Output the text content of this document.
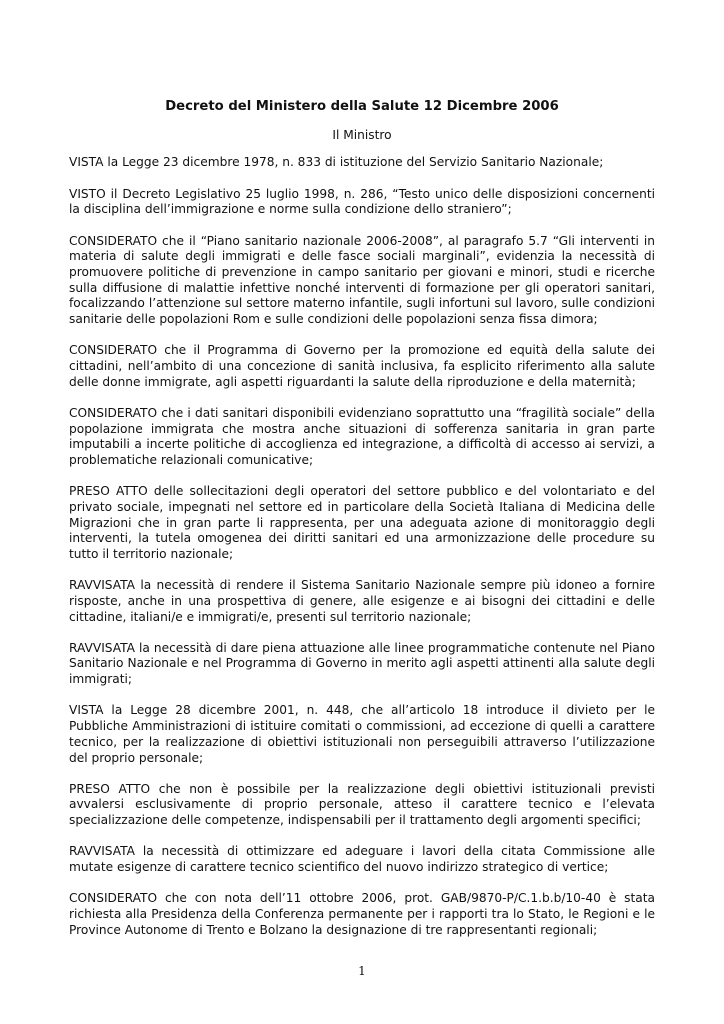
Decreto del Ministero della Salute 12 Dicembre 2006
Il Ministro
VISTA la Legge 23 dicembre 1978, n. 833 di istituzione del Servizio Sanitario Nazionale;
VISTO il Decreto Legislativo 25 luglio 1998, n. 286, “Testo unico delle disposizioni concernenti la disciplina dell’immigrazione e norme sulla condizione dello straniero”;
CONSIDERATO che il “Piano sanitario nazionale 2006-2008”, al paragrafo 5.7 “Gli interventi in materia di salute degli immigrati e delle fasce sociali marginali”, evidenzia la necessità di promuovere politiche di prevenzione in campo sanitario per giovani e minori, studi e ricerche sulla diffusione di malattie infettive nonché interventi di formazione per gli operatori sanitari, focalizzando l’attenzione sul settore materno infantile, sugli infortuni sul lavoro, sulle condizioni sanitarie delle popolazioni Rom e sulle condizioni delle popolazioni senza fissa dimora;
CONSIDERATO che il Programma di Governo per la promozione ed equità della salute dei cittadini, nell’ambito di una concezione di sanità inclusiva, fa esplicito riferimento alla salute delle donne immigrate, agli aspetti riguardanti la salute della riproduzione e della maternità;
CONSIDERATO che i dati sanitari disponibili evidenziano soprattutto una “fragilità sociale” della popolazione immigrata che mostra anche situazioni di sofferenza sanitaria in gran parte imputabili a incerte politiche di accoglienza ed integrazione, a difficoltà di accesso ai servizi, a problematiche relazionali comunicative;
PRESO ATTO delle sollecitazioni degli operatori del settore pubblico e del volontariato e del privato sociale, impegnati nel settore ed in particolare della Società Italiana di Medicina delle Migrazioni che in gran parte li rappresenta, per una adeguata azione di monitoraggio degli interventi, la tutela omogenea dei diritti sanitari ed una armonizzazione delle procedure su tutto il territorio nazionale;
RAVVISATA la necessità di rendere il Sistema Sanitario Nazionale sempre più idoneo a fornire risposte, anche in una prospettiva di genere, alle esigenze e ai bisogni dei cittadini e delle cittadine, italiani/e e immigrati/e, presenti sul territorio nazionale;
RAVVISATA la necessità di dare piena attuazione alle linee programmatiche contenute nel Piano Sanitario Nazionale e nel Programma di Governo in merito agli aspetti attinenti alla salute degli immigrati;
VISTA la Legge 28 dicembre 2001, n. 448, che all’articolo 18 introduce il divieto per le Pubbliche Amministrazioni di istituire comitati o commissioni, ad eccezione di quelli a carattere tecnico, per la realizzazione di obiettivi istituzionali non perseguibili attraverso l’utilizzazione del proprio personale;
PRESO ATTO che non è possibile per la realizzazione degli obiettivi istituzionali previsti avvalersi esclusivamente di proprio personale, atteso il carattere tecnico e l’elevata specializzazione delle competenze, indispensabili per il trattamento degli argomenti specifici;
RAVVISATA la necessità di ottimizzare ed adeguare i lavori della citata Commissione alle mutate esigenze di carattere tecnico scientifico del nuovo indirizzo strategico di vertice;
CONSIDERATO che con nota dell’11 ottobre 2006, prot. GAB/9870-P/C.1.b.b/10-40 è stata richiesta alla Presidenza della Conferenza permanente per i rapporti tra lo Stato, le Regioni e le Province Autonome di Trento e Bolzano la designazione di tre rappresentanti regionali;
1
